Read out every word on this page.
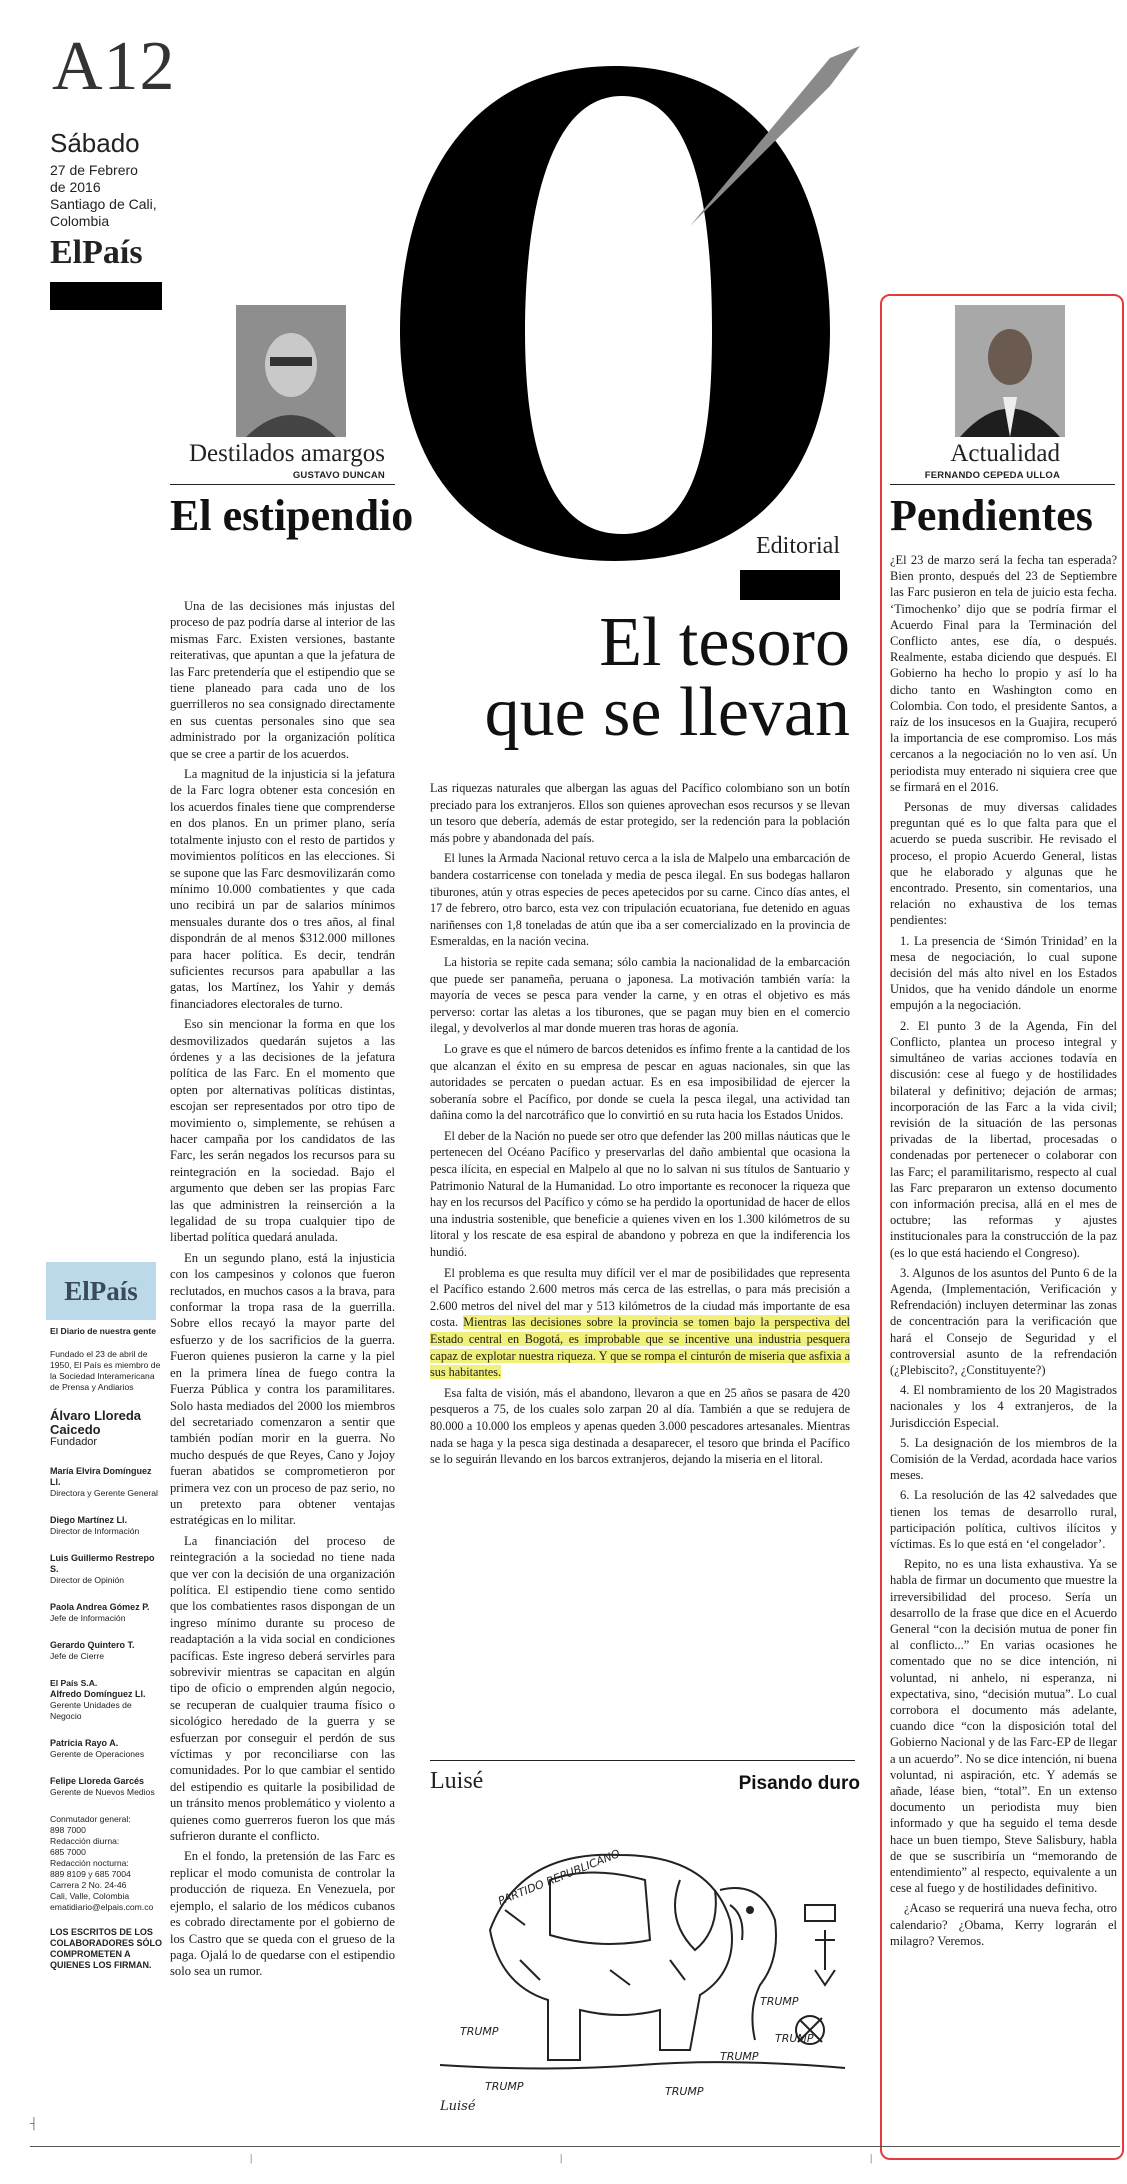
A12
Sábado
27 de Febrero
de 2016
Santiago de Cali,
Colombia
ElPaís
Destilados amargos
GUSTAVO DUNCAN
El estipendio

Una de las decisiones más injustas del proceso de paz podría darse al interior de las mismas Farc. Existen versiones, bastante reiterativas, que apuntan a que la jefatura de las Farc pretendería que el estipendio que se tiene planeado para cada uno de los guerrilleros no sea consignado directamente en sus cuentas personales sino que sea administrado por la organización política que se cree a partir de los acuerdos.

La magnitud de la injusticia si la jefatura de la Farc logra obtener esta concesión en los acuerdos finales tiene que comprenderse en dos planos. En un primer plano, sería totalmente injusto con el resto de partidos y movimientos políticos en las elecciones. Si se supone que las Farc desmovilizarán como mínimo 10.000 combatientes y que cada uno recibirá un par de salarios mínimos mensuales durante dos o tres años, al final dispondrán de al menos $312.000 millones para hacer política. Es decir, tendrán suficientes recursos para apabullar a las gatas, los Martínez, los Yahir y demás financiadores electorales de turno.

Eso sin mencionar la forma en que los desmovilizados quedarán sujetos a las órdenes y a las decisiones de la jefatura política de las Farc. En el momento que opten por alternativas políticas distintas, escojan ser representados por otro tipo de movimiento o, simplemente, se rehúsen a hacer campaña por los candidatos de las Farc, les serán negados los recursos para su reintegración en la sociedad. Bajo el argumento que deben ser las propias Farc las que administren la reinserción a la legalidad de su tropa cualquier tipo de libertad política quedará anulada.

En un segundo plano, está la injusticia con los campesinos y colonos que fueron reclutados, en muchos casos a la brava, para conformar la tropa rasa de la guerrilla. Sobre ellos recayó la mayor parte del esfuerzo y de los sacrificios de la guerra. Fueron quienes pusieron la carne y la piel en la primera línea de fuego contra la Fuerza Pública y contra los paramilitares. Solo hasta mediados del 2000 los miembros del secretariado comenzaron a sentir que también podían morir en la guerra. No mucho después de que Reyes, Cano y Jojoy fueran abatidos se comprometieron por primera vez con un proceso de paz serio, no un pretexto para obtener ventajas estratégicas en lo militar.

La financiación del proceso de reintegración a la sociedad no tiene nada que ver con la decisión de una organización política. El estipendio tiene como sentido que los combatientes rasos dispongan de un ingreso mínimo durante su proceso de readaptación a la vida social en condiciones pacíficas. Este ingreso deberá servirles para sobrevivir mientras se capacitan en algún tipo de oficio o emprenden algún negocio, se recuperan de cualquier trauma físico o sicológico heredado de la guerra y se esfuerzan por conseguir el perdón de sus víctimas y por reconciliarse con las comunidades. Por lo que cambiar el sentido del estipendio es quitarle la posibilidad de un tránsito menos problemático y violento a quienes como guerreros fueron los que más sufrieron durante el conflicto.

En el fondo, la pretensión de las Farc es replicar el modo comunista de controlar la producción de riqueza. En Venezuela, por ejemplo, el salario de los médicos cubanos es cobrado directamente por el gobierno de los Castro que se queda con el grueso de la paga. Ojalá lo de quedarse con el estipendio solo sea un rumor.

Editorial
El tesoro
que se llevan

Las riquezas naturales que albergan las aguas del Pacífico colombiano son un botín preciado para los extranjeros. Ellos son quienes aprovechan esos recursos y se llevan un tesoro que debería, además de estar protegido, ser la redención para la población más pobre y abandonada del país.

El lunes la Armada Nacional retuvo cerca a la isla de Malpelo una embarcación de bandera costarricense con tonelada y media de pesca ilegal. En sus bodegas hallaron tiburones, atún y otras especies de peces apetecidos por su carne. Cinco días antes, el 17 de febrero, otro barco, esta vez con tripulación ecuatoriana, fue detenido en aguas nariñenses con 1,8 toneladas de atún que iba a ser comercializado en la provincia de Esmeraldas, en la nación vecina.

La historia se repite cada semana; sólo cambia la nacionalidad de la embarcación que puede ser panameña, peruana o japonesa. La motivación también varía: la mayoría de veces se pesca para vender la carne, y en otras el objetivo es más perverso: cortar las aletas a los tiburones, que se pagan muy bien en el comercio ilegal, y devolverlos al mar donde mueren tras horas de agonía.

Lo grave es que el número de barcos detenidos es ínfimo frente a la cantidad de los que alcanzan el éxito en su empresa de pescar en aguas nacionales, sin que las autoridades se percaten o puedan actuar. Es en esa imposibilidad de ejercer la soberanía sobre el Pacífico, por donde se cuela la pesca ilegal, una actividad tan dañina como la del narcotráfico que lo convirtió en su ruta hacia los Estados Unidos.

El deber de la Nación no puede ser otro que defender las 200 millas náuticas que le pertenecen del Océano Pacífico y preservarlas del daño ambiental que ocasiona la pesca ilícita, en especial en Malpelo al que no lo salvan ni sus títulos de Santuario y Patrimonio Natural de la Humanidad. Lo otro importante es reconocer la riqueza que hay en los recursos del Pacífico y cómo se ha perdido la oportunidad de hacer de ellos una industria sostenible, que beneficie a quienes viven en los 1.300 kilómetros de su litoral y los rescate de esa espiral de abandono y pobreza en que la indiferencia los hundió.

El problema es que resulta muy difícil ver el mar de posibilidades que representa el Pacífico estando 2.600 metros más cerca de las estrellas, o para más precisión a 2.600 metros del nivel del mar y 513 kilómetros de la ciudad más importante de esa costa. Mientras las decisiones sobre la provincia se tomen bajo la perspectiva del Estado central en Bogotá, es improbable que se incentive una industria pesquera capaz de explotar nuestra riqueza. Y que se rompa el cinturón de miseria que asfixia a sus habitantes.

Esa falta de visión, más el abandono, llevaron a que en 25 años se pasara de 420 pesqueros a 75, de los cuales solo zarpan 20 al día. También a que se redujera de 80.000 a 10.000 los empleos y apenas queden 3.000 pescadores artesanales. Mientras nada se haga y la pesca siga destinada a desaparecer, el tesoro que brinda el Pacífico se lo seguirán llevando en los barcos extranjeros, dejando la miseria en el litoral.

Luisé	Pisando duro
PARTIDO REPUBLICANO
TRUMP
TRUMP
TRUMP
TRUMP
TRUMP
TRUMP
Luisé
Actualidad
FERNANDO CEPEDA ULLOA
Pendientes

¿El 23 de marzo será la fecha tan esperada? Bien pronto, después del 23 de Septiembre las Farc pusieron en tela de juicio esta fecha. ‘Timochenko’ dijo que se podría firmar el Acuerdo Final para la Terminación del Conflicto antes, ese día, o después. Realmente, estaba diciendo que después. El Gobierno ha hecho lo propio y así lo ha dicho tanto en Washington como en Colombia. Con todo, el presidente Santos, a raíz de los insucesos en la Guajira, recuperó la importancia de ese compromiso. Los más cercanos a la negociación no lo ven así. Un periodista muy enterado ni siquiera cree que se firmará en el 2016.

Personas de muy diversas calidades preguntan qué es lo que falta para que el acuerdo se pueda suscribir. He revisado el proceso, el propio Acuerdo General, listas que he elaborado y algunas que he encontrado. Presento, sin comentarios, una relación no exhaustiva de los temas pendientes:

1. La presencia de ‘Simón Trinidad’ en la mesa de negociación, lo cual supone decisión del más alto nivel en los Estados Unidos, que ha venido dándole un enorme empujón a la negociación.

2. El punto 3 de la Agenda, Fin del Conflicto, plantea un proceso integral y simultáneo de varias acciones todavía en discusión: cese al fuego y de hostilidades bilateral y definitivo; dejación de armas; incorporación de las Farc a la vida civil; revisión de la situación de las personas privadas de la libertad, procesadas o condenadas por pertenecer o colaborar con las Farc; el paramilitarismo, respecto al cual las Farc prepararon un extenso documento con información precisa, allá en el mes de octubre; las reformas y ajustes institucionales para la construcción de la paz (es lo que está haciendo el Congreso).

3. Algunos de los asuntos del Punto 6 de la Agenda, (Implementación, Verificación y Refrendación) incluyen determinar las zonas de concentración para la verificación que hará el Consejo de Seguridad y el controversial asunto de la refrendación (¿Plebiscito?, ¿Constituyente?)

4. El nombramiento de los 20 Magistrados nacionales y los 4 extranjeros, de la Jurisdicción Especial.

5. La designación de los miembros de la Comisión de la Verdad, acordada hace varios meses.

6. La resolución de las 42 salvedades que tienen los temas de desarrollo rural, participación política, cultivos ilícitos y víctimas. Es lo que está en ‘el congelador’.

Repito, no es una lista exhaustiva. Ya se habla de firmar un documento que muestre la irreversibilidad del proceso. Sería un desarrollo de la frase que dice en el Acuerdo General “con la decisión mutua de poner fin al conflicto...” En varias ocasiones he comentado que no se dice intención, ni voluntad, ni anhelo, ni esperanza, ni expectativa, sino, “decisión mutua”. Lo cual corrobora el documento más adelante, cuando dice “con la disposición total del Gobierno Nacional y de las Farc-EP de llegar a un acuerdo”. No se dice intención, ni buena voluntad, ni aspiración, etc. Y además se añade, léase bien, “total”. En un extenso documento un periodista muy bien informado y que ha seguido el tema desde hace un buen tiempo, Steve Salisbury, habla de que se suscribiría un “memorando de entendimiento” al respecto, equivalente a un cese al fuego y de hostilidades definitivo.

¿Acaso se requerirá una nueva fecha, otro calendario? ¿Obama, Kerry lograrán el milagro? Veremos.

ElPaís
El Diario de nuestra gente
Fundado el 23 de abril de 1950, El País es miembro de la Sociedad Interamericana de Prensa y Andiarios
Álvaro Lloreda Caicedo
Fundador
María Elvira Domínguez Ll.
Directora y Gerente General
Diego Martínez Ll.
Director de Información
Luis Guillermo Restrepo S.
Director de Opinión
Paola Andrea Gómez P.
Jefe de Información
Gerardo Quintero T.
Jefe de Cierre
El País S.A.
Alfredo Domínguez Ll.
Gerente Unidades de Negocio
Patricia Rayo A.
Gerente de Operaciones
Felipe Lloreda Garcés
Gerente de Nuevos Medios
Conmutador general:
898 7000
Redacción diurna:
685 7000
Redacción nocturna:
889 8109 y 685 7004
Carrera 2 No. 24-46
Cali, Valle, Colombia
ematidiario@elpais.com.co
LOS ESCRITOS DE LOS COLABORADORES SÓLO COMPROMETEN A QUIENES LOS FIRMAN.
┤
|	|	|
